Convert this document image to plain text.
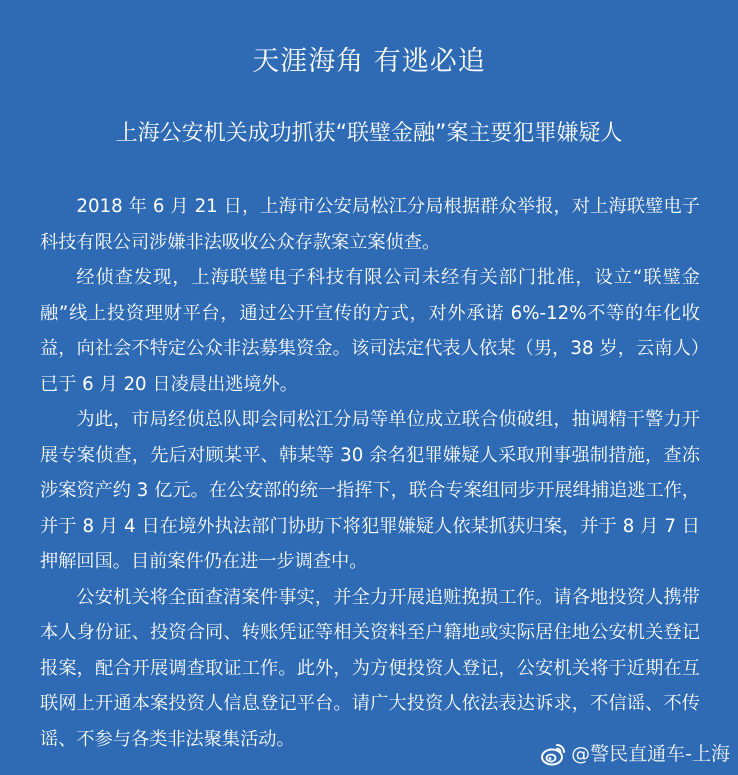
天涯海角 有逃必追
上海公安机关成功抓获“联璧金融”案主要犯罪嫌疑人

2018 年 6 月 21 日，上海市公安局松江分局根据群众举报，对上海联璧电子科技有限公司涉嫌非法吸收公众存款案立案侦查。

经侦查发现，上海联璧电子科技有限公司未经有关部门批准，设立“联璧金融”线上投资理财平台，通过公开宣传的方式，对外承诺 6%-12%不等的年化收益，向社会不特定公众非法募集资金。该司法定代表人依某（男，38 岁，云南人）已于 6 月 20 日凌晨出逃境外。

为此，市局经侦总队即会同松江分局等单位成立联合侦破组，抽调精干警力开展专案侦查，先后对顾某平、韩某等 30 余名犯罪嫌疑人采取刑事强制措施，查冻涉案资产约 3 亿元。在公安部的统一指挥下，联合专案组同步开展缉捕追逃工作，并于 8 月 4 日在境外执法部门协助下将犯罪嫌疑人依某抓获归案，并于 8 月 7 日押解回国。目前案件仍在进一步调查中。

公安机关将全面查清案件事实，并全力开展追赃挽损工作。请各地投资人携带本人身份证、投资合同、转账凭证等相关资料至户籍地或实际居住地公安机关登记报案，配合开展调查取证工作。此外，为方便投资人登记，公安机关将于近期在互联网上开通本案投资人信息登记平台。请广大投资人依法表达诉求，不信谣、不传谣、不参与各类非法聚集活动。

@警民直通车-上海
